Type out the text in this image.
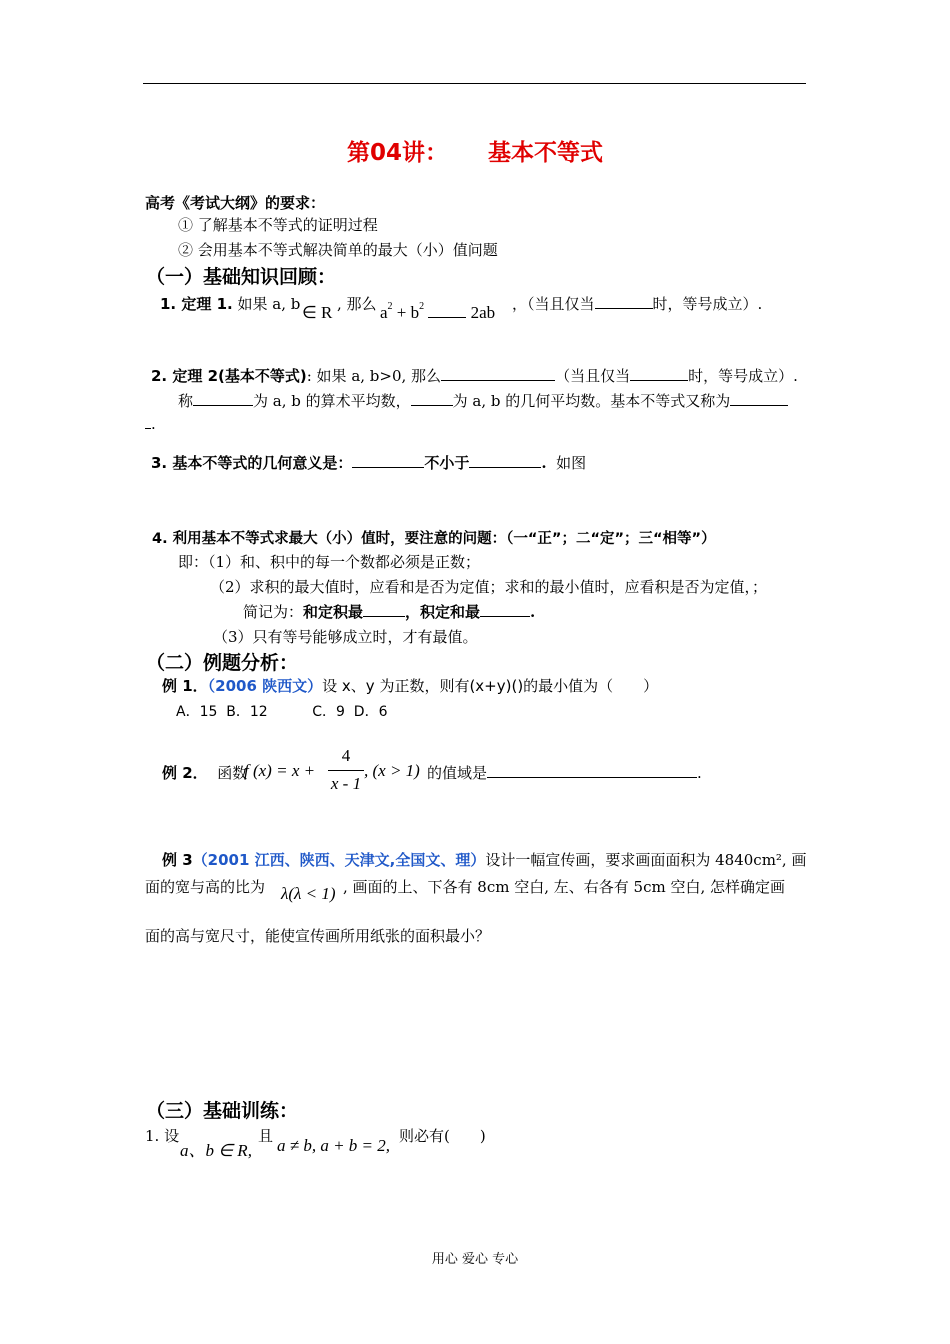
第04讲： 基本不等式
高考《考试大纲》的要求：
① 了解基本不等式的证明过程
② 会用基本不等式解决简单的最大（小）值问题
（一）基础知识回顾：
1. 定理 1. 如果 a, b ∈ R , 那么 $a^2 + b^2$	2ab ，（当且仅当	时，等号成立）.
2. 定理 2(基本不等式): 如果 a, b>0, 那么	（当且仅当	时，等号成立）.
称	为 a, b 的算术平均数，	为 a, b 的几何平均数。基本不等式又称为
.
3. 基本不等式的几何意义是：	不小于	. 如图
4. 利用基本不等式求最大（小）值时，要注意的问题：（一“正”；二“定”；三“相等”）
即：（1）和、积中的每一个数都必须是正数；
（2）求积的最大值时，应看和是否为定值；求和的最小值时，应看积是否为定值，；
简记为：和定积最	，积定和最	.
（3）只有等号能够成立时，才有最值。
（二）例题分析：
例 1．（2006 陕西文）设 x、y 为正数，则有(x+y)()的最小值为（　　）
A．15  B．12          C．9  D．6
例 2． 函数
f (x) = x +
4
x - 1
, (x > 1) 的值域是	.
例 3（2001 江西、陕西、天津文,全国文、理）设计一幅宣传画，要求画面面积为 4840cm², 画
面的宽与高的比为 λ(λ < 1) , 画面的上、下各有 8cm 空白, 左、右各有 5cm 空白, 怎样确定画
面的高与宽尺寸，能使宣传画所用纸张的面积最小？
（三）基础训练：
1. 设
a、b ∈ R,
且 a ≠ b, a + b = 2, 则必有(　　)
用心 爱心 专心
